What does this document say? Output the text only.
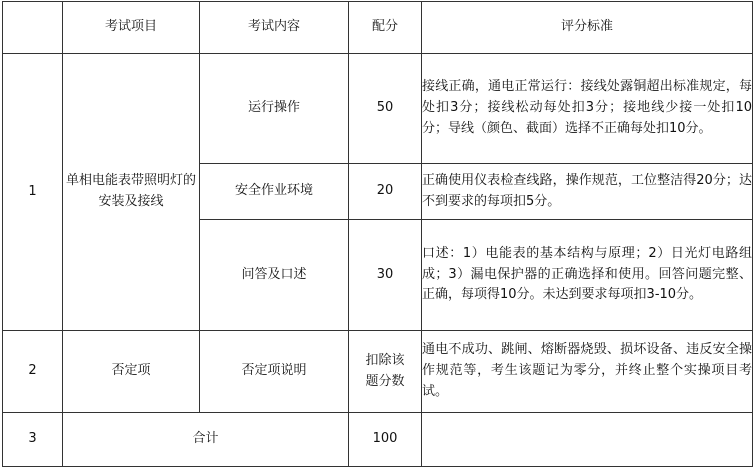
	考试项目	考试内容	配分	评分标准
1	单相电能表带照明灯的安装及接线	运行操作	50	接线正确，通电正常运行：接线处露铜超出标准规定，每处扣3分；接线松动每处扣3分；接地线少接一处扣10分；导线（颜色、截面）选择不正确每处扣10分。
		安全作业环境	20	正确使用仪表检查线路，操作规范，工位整洁得20分；达不到要求的每项扣5分。
		问答及口述	30	口述：1）电能表的基本结构与原理；2）日光灯电路组成；3）漏电保护器的正确选择和使用。回答问题完整、正确，每项得10分。未达到要求每项扣3-10分。
2	否定项	否定项说明	扣除该题分数	通电不成功、跳闸、熔断器烧毁、损坏设备、违反安全操作规范等，考生该题记为零分，并终止整个实操项目考试。
3	合计		100	
